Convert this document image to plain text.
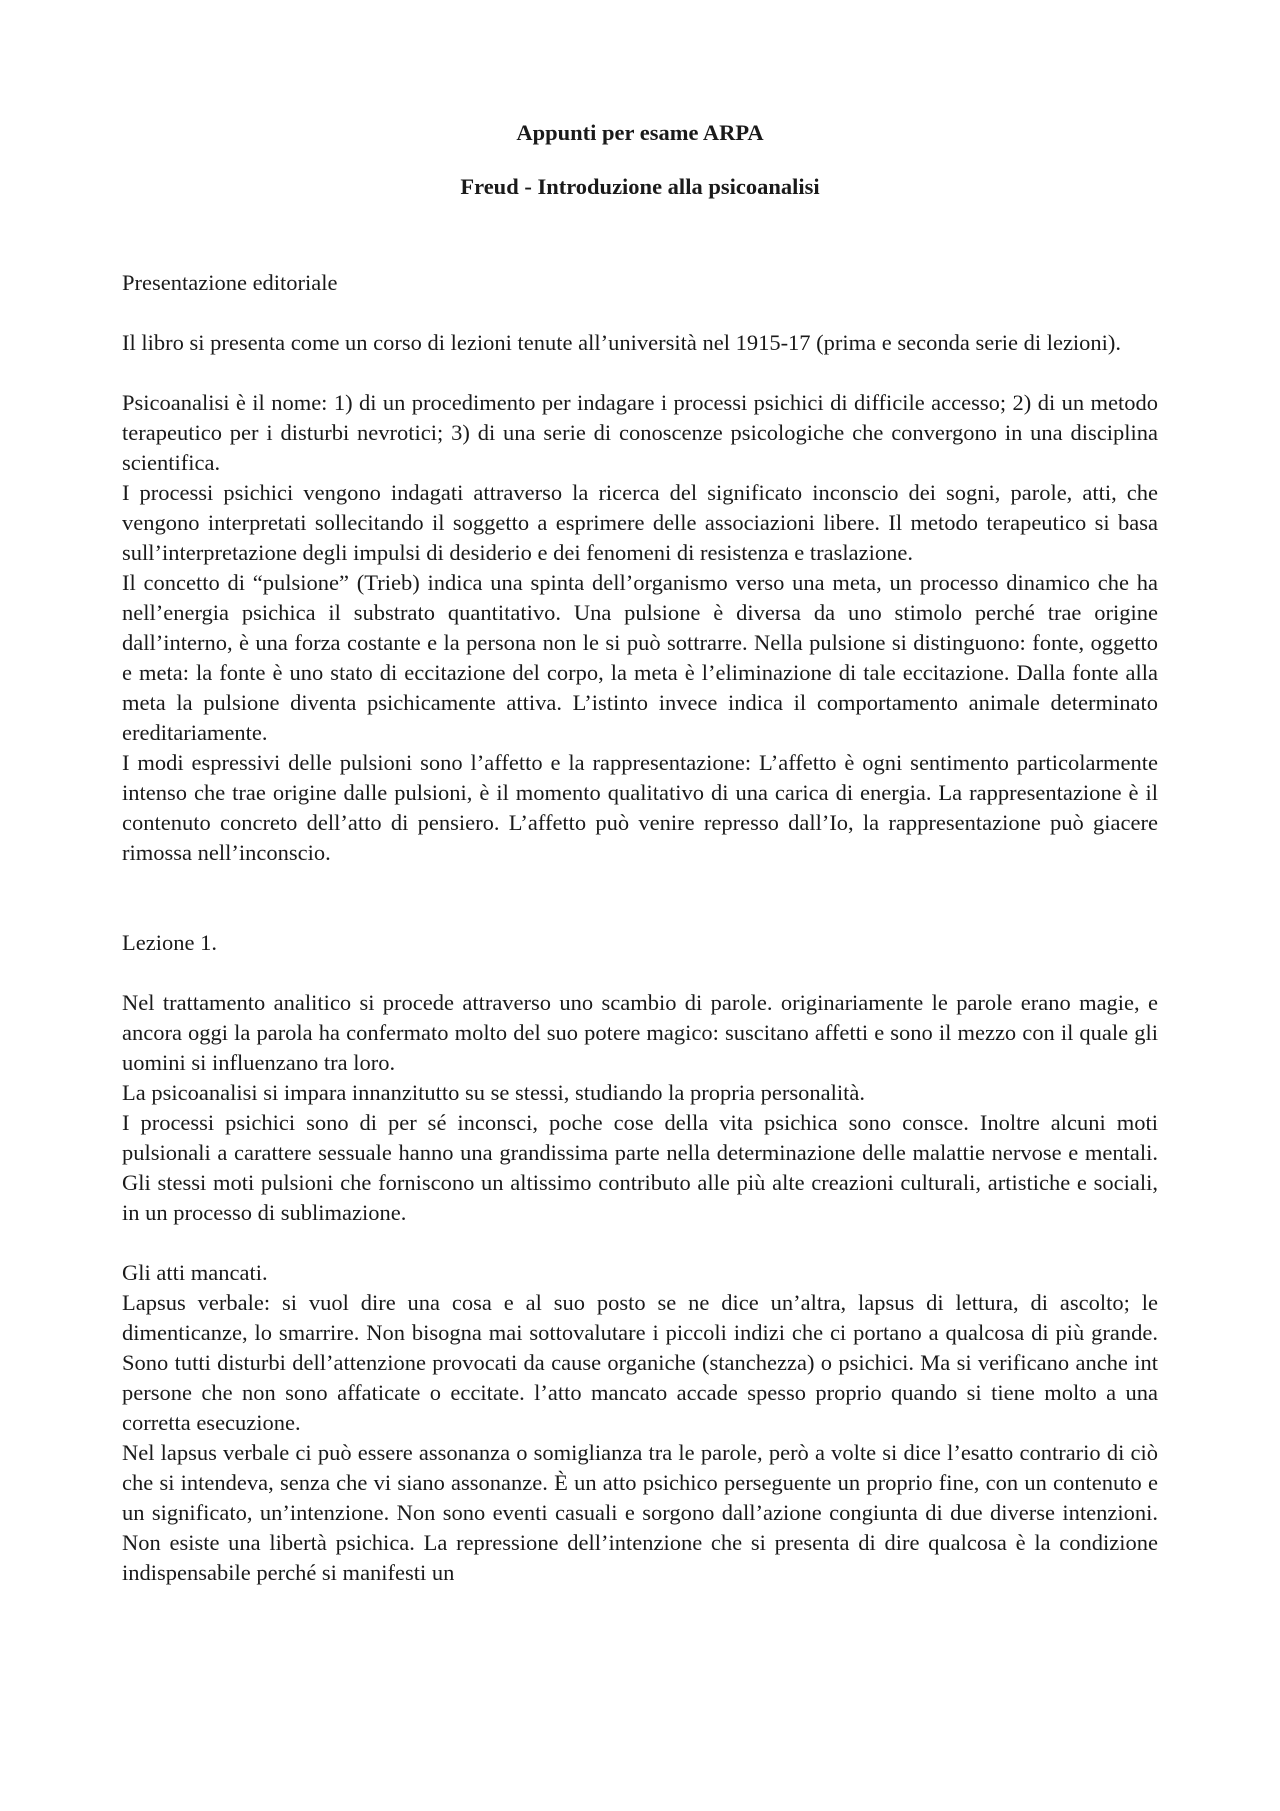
Appunti per esame ARPA
Freud - Introduzione alla psicoanalisi
Presentazione editoriale

Il libro si presenta come un corso di lezioni tenute all’università nel 1915-17 (prima e seconda serie di lezioni).

Psicoanalisi è il nome: 1) di un procedimento per indagare i processi psichici di difficile accesso; 2) di un metodo terapeutico per i disturbi nevrotici; 3) di una serie di conoscenze psicologiche che convergono in una disciplina scientifica.

I processi psichici vengono indagati attraverso la ricerca del significato inconscio dei sogni, parole, atti, che vengono interpretati sollecitando il soggetto a esprimere delle associazioni libere. Il metodo terapeutico si basa sull’interpretazione degli impulsi di desiderio e dei fenomeni di resistenza e traslazione.

Il concetto di “pulsione” (Trieb) indica una spinta dell’organismo verso una meta, un processo dinamico che ha nell’energia psichica il substrato quantitativo. Una pulsione è diversa da uno stimolo perché trae origine dall’interno, è una forza costante e la persona non le si può sottrarre. Nella pulsione si distinguono: fonte, oggetto e meta: la fonte è uno stato di eccitazione del corpo, la meta è l’eliminazione di tale eccitazione. Dalla fonte alla meta la pulsione diventa psichicamente attiva. L’istinto invece indica il comportamento animale determinato ereditariamente.

I modi espressivi delle pulsioni sono l’affetto e la rappresentazione: L’affetto è ogni sentimento particolarmente intenso che trae origine dalle pulsioni, è il momento qualitativo di una carica di energia. La rappresentazione è il contenuto concreto dell’atto di pensiero. L’affetto può venire represso dall’Io, la rappresentazione può giacere rimossa nell’inconscio.

Lezione 1.

Nel trattamento analitico si procede attraverso uno scambio di parole. originariamente le parole erano magie, e ancora oggi la parola ha confermato molto del suo potere magico: suscitano affetti e sono il mezzo con il quale gli uomini si influenzano tra loro.

La psicoanalisi si impara innanzitutto su se stessi, studiando la propria personalità.

I processi psichici sono di per sé inconsci, poche cose della vita psichica sono consce. Inoltre alcuni moti pulsionali a carattere sessuale hanno una grandissima parte nella determinazione delle malattie nervose e mentali. Gli stessi moti pulsioni che forniscono un altissimo contributo alle più alte creazioni culturali, artistiche e sociali, in un processo di sublimazione.

Gli atti mancati.

Lapsus verbale: si vuol dire una cosa e al suo posto se ne dice un’altra, lapsus di lettura, di ascolto; le dimenticanze, lo smarrire. Non bisogna mai sottovalutare i piccoli indizi che ci portano a qualcosa di più grande. Sono tutti disturbi dell’attenzione provocati da cause organiche (stanchezza) o psichici. Ma si verificano anche int persone che non sono affaticate o eccitate. l’atto mancato accade spesso proprio quando si tiene molto a una corretta esecuzione.

Nel lapsus verbale ci può essere assonanza o somiglianza tra le parole, però a volte si dice l’esatto contrario di ciò che si intendeva, senza che vi siano assonanze. È un atto psichico perseguente un proprio fine, con un contenuto e un significato, un’intenzione. Non sono eventi casuali e sorgono dall’azione congiunta di due diverse intenzioni. Non esiste una libertà psichica. La repressione dell’intenzione che si presenta di dire qualcosa è la condizione indispensabile perché si manifesti un
